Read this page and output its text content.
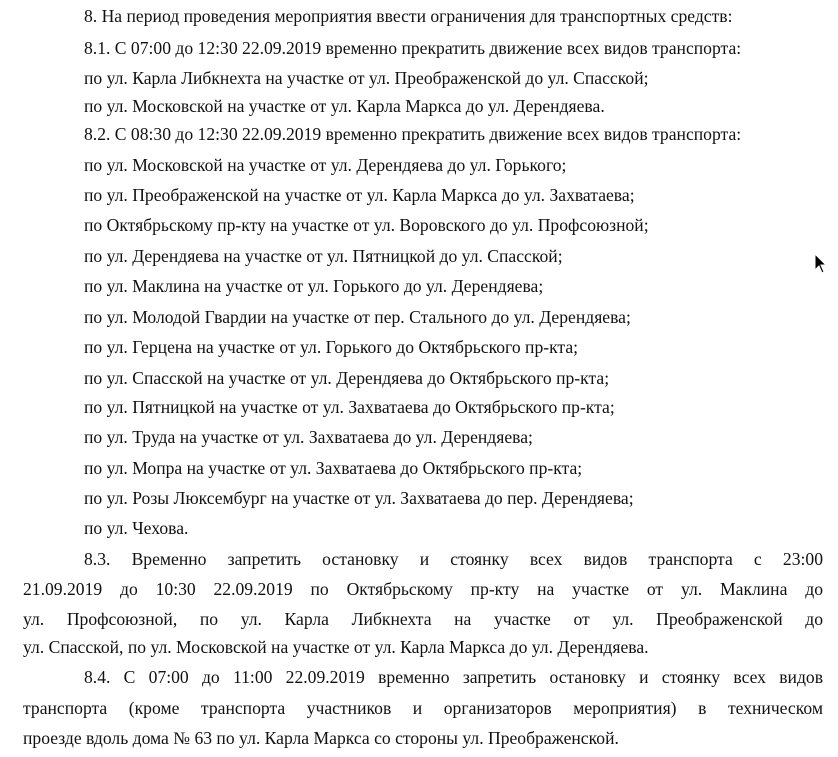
8. На период проведения мероприятия ввести ограничения для транспортных средств:
8.1. С 07:00 до 12:30 22.09.2019 временно прекратить движение всех видов транспорта:
по ул. Карла Либкнехта на участке от ул. Преображенской до ул. Спасской;
по ул. Московской на участке от ул. Карла Маркса до ул. Дерендяева.
8.2. С 08:30 до 12:30 22.09.2019 временно прекратить движение всех видов транспорта:
по ул. Московской на участке от ул. Дерендяева до ул. Горького;
по ул. Преображенской на участке от ул. Карла Маркса до ул. Захватаева;
по Октябрьскому пр-кту на участке от ул. Воровского до ул. Профсоюзной;
по ул. Дерендяева на участке от ул. Пятницкой до ул. Спасской;
по ул. Маклина на участке от ул. Горького до ул. Дерендяева;
по ул. Молодой Гвардии на участке от пер. Стального до ул. Дерендяева;
по ул. Герцена на участке от ул. Горького до Октябрьского пр-кта;
по ул. Спасской на участке от ул. Дерендяева до Октябрьского пр-кта;
по ул. Пятницкой на участке от ул. Захватаева до Октябрьского пр-кта;
по ул. Труда на участке от ул. Захватаева до ул. Дерендяева;
по ул. Мопра на участке от ул. Захватаева до Октябрьского пр-кта;
по ул. Розы Люксембург на участке от ул. Захватаева до пер. Дерендяева;
по ул. Чехова.
8.3. Временно запретить остановку и стоянку всех видов транспорта с 23:00
21.09.2019 до 10:30 22.09.2019 по Октябрьскому пр-кту на участке от ул. Маклина до
ул. Профсоюзной, по ул. Карла Либкнехта на участке от ул. Преображенской до
ул. Спасской, по ул. Московской на участке от ул. Карла Маркса до ул. Дерендяева.
8.4. С 07:00 до 11:00 22.09.2019 временно запретить остановку и стоянку всех видов
транспорта (кроме транспорта участников и организаторов мероприятия) в техническом
проезде вдоль дома № 63 по ул. Карла Маркса со стороны ул. Преображенской.
